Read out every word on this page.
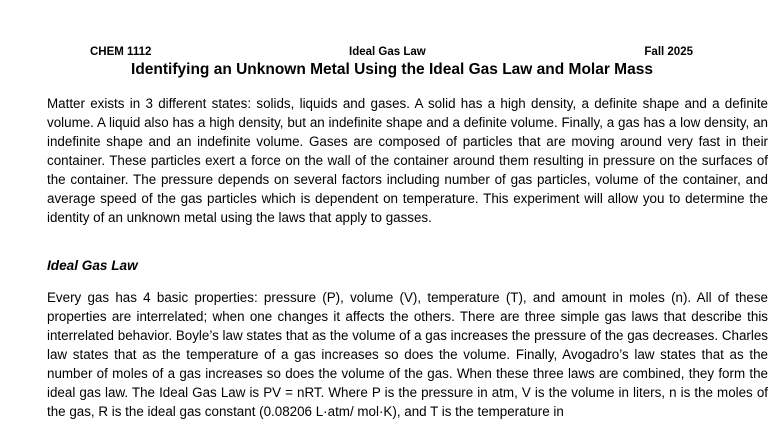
CHEM 1112	Ideal Gas Law	Fall 2025
Identifying an Unknown Metal Using the Ideal Gas Law and Molar Mass

Matter exists in 3 different states: solids, liquids and gases. A solid has a high density, a definite shape and a definite volume. A liquid also has a high density, but an indefinite shape and a definite volume. Finally, a gas has a low density, an indefinite shape and an indefinite volume. Gases are composed of particles that are moving around very fast in their container. These particles exert a force on the wall of the container around them resulting in pressure on the surfaces of the container. The pressure depends on several factors including number of gas particles, volume of the container, and average speed of the gas particles which is dependent on temperature. This experiment will allow you to determine the identity of an unknown metal using the laws that apply to gasses.

Ideal Gas Law

Every gas has 4 basic properties: pressure (P), volume (V), temperature (T), and amount in moles (n). All of these properties are interrelated; when one changes it affects the others. There are three simple gas laws that describe this interrelated behavior. Boyle’s law states that as the volume of a gas increases the pressure of the gas decreases. Charles law states that as the temperature of a gas increases so does the volume. Finally, Avogadro’s law states that as the number of moles of a gas increases so does the volume of the gas. When these three laws are combined, they form the ideal gas law. The Ideal Gas Law is PV = nRT. Where P is the pressure in atm, V is the volume in liters, n is the moles of the gas, R is the ideal gas constant (0.08206 L·atm/ mol·K), and T is the temperature in
